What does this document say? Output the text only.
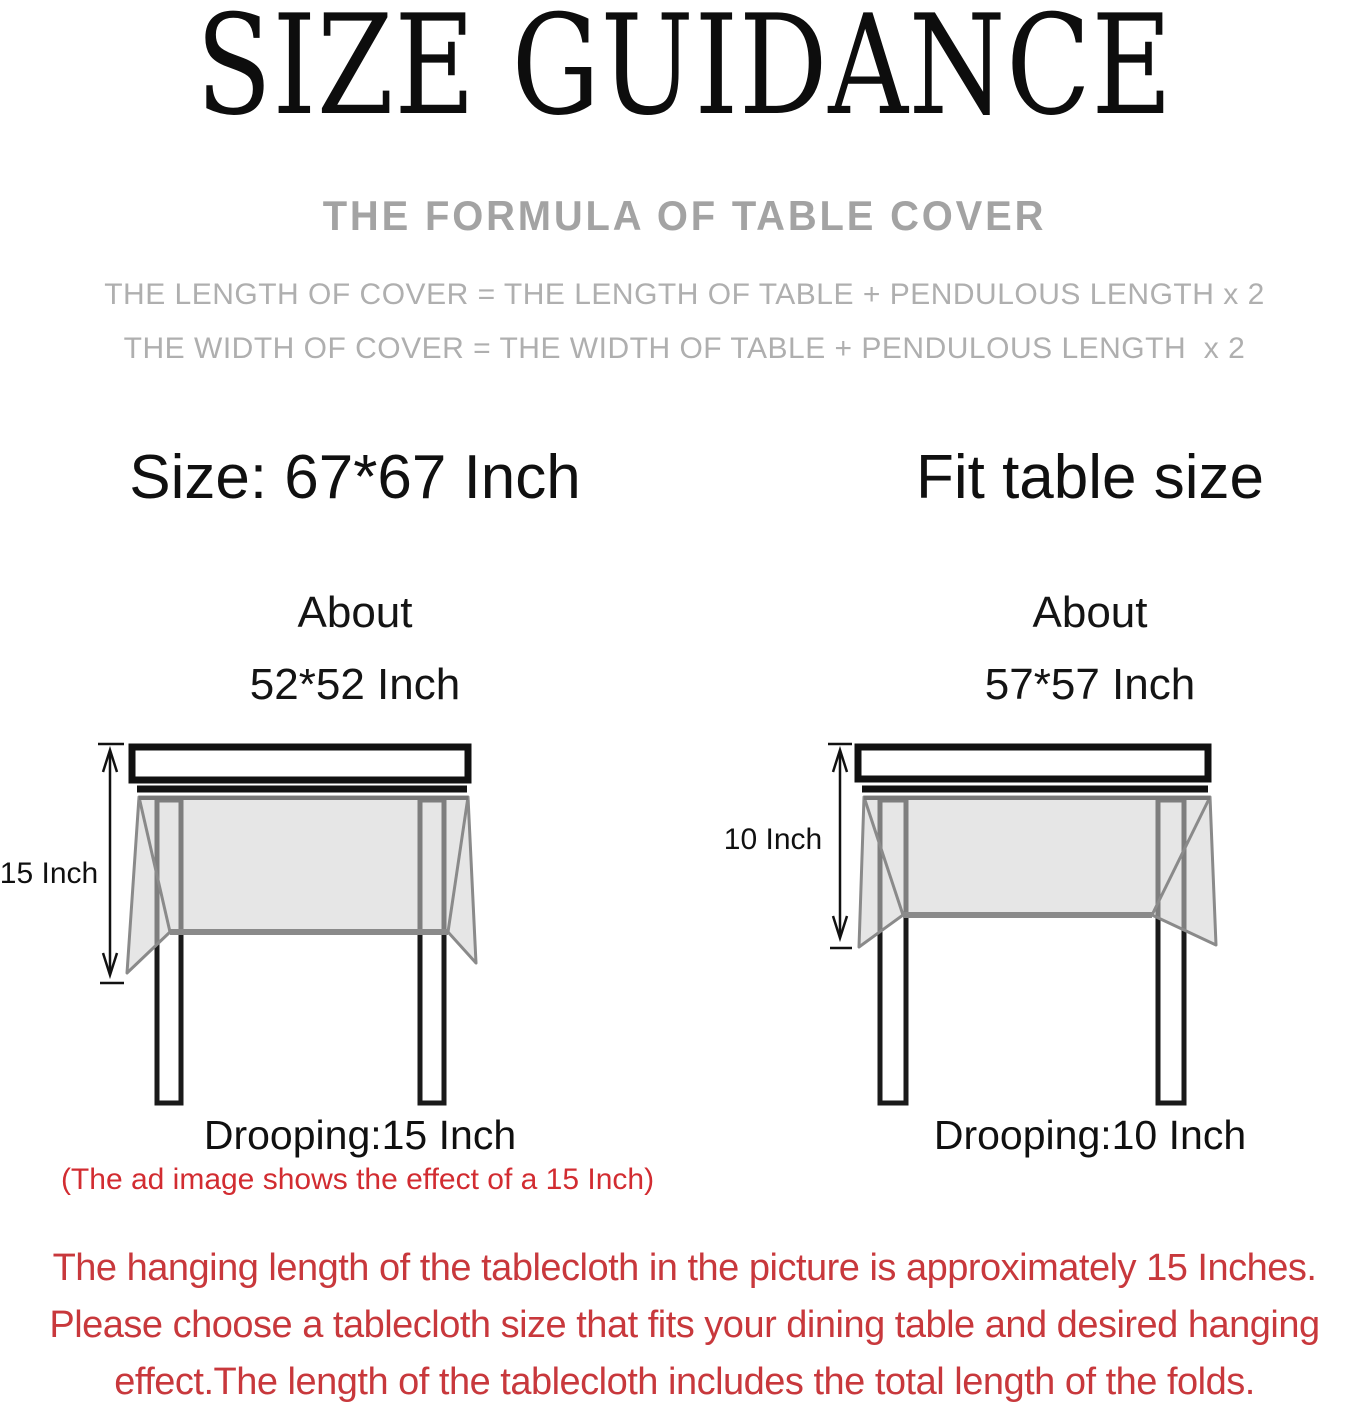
SIZE GUIDANCE
THE FORMULA OF TABLE COVER
THE LENGTH OF COVER = THE LENGTH OF TABLE + PENDULOUS LENGTH x 2
THE WIDTH OF COVER = THE WIDTH OF TABLE + PENDULOUS LENGTH  x 2
Size: 67*67 Inch	Fit table size
About	About
52*52 Inch	57*57 Inch
15 Inch
10 Inch
Drooping:15 Inch	Drooping:10 Inch
(The ad image shows the effect of a 15 Inch)
The hanging length of the tablecloth in the picture is approximately 15 Inches.
Please choose a tablecloth size that fits your dining table and desired hanging
effect.The length of the tablecloth includes the total length of the folds.
